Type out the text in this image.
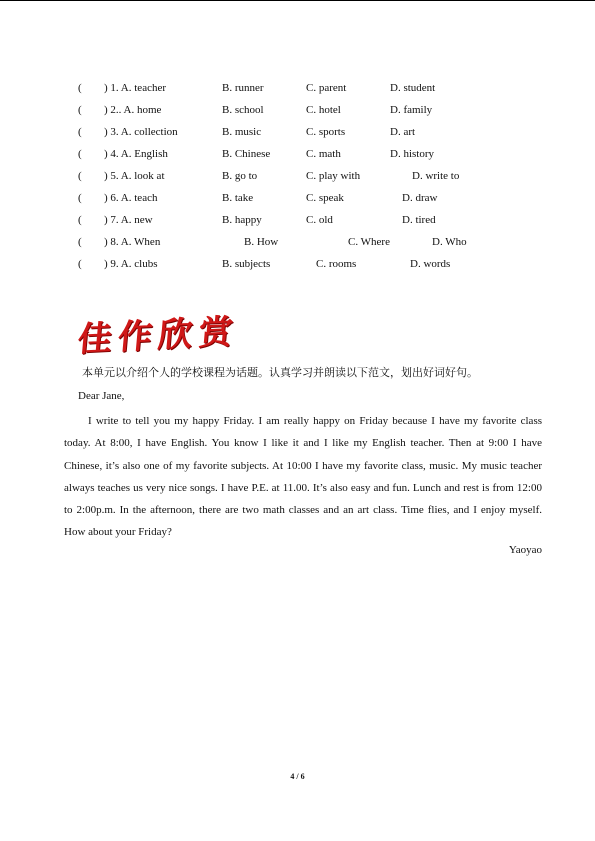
( ) 1. A. teacher	B. runner	C. parent	D. student
( ) 2.. A. home	B. school	C. hotel	D. family
( ) 3. A. collection	B. music	C. sports	D. art
( ) 4. A. English	B. Chinese	C. math	D. history
( ) 5. A. look at	B. go to	C. play with	D. write to
( ) 6. A. teach	B. take	C. speak	D. draw
( ) 7. A. new	B. happy	C. old	D. tired
( ) 8. A. When	B. How	C. Where	D. Who
( ) 9. A. clubs	B. subjects	C. rooms	D. words
佳作欣赏
本单元以介绍个人的学校课程为话题。认真学习并朗读以下范文，划出好词好句。
Dear Jane,

I write to tell you my happy Friday. I am really happy on Friday because I have my favorite class today. At 8:00, I have English. You know I like it and I like my English teacher. Then at 9:00 I have Chinese, it’s also one of my favorite subjects. At 10:00 I have my favorite class, music. My music teacher always teaches us very nice songs. I have P.E. at 11.00. It’s also easy and fun. Lunch and rest is from 12:00 to 2:00p.m. In the afternoon, there are two math classes and an art class. Time flies, and I enjoy myself. How about your Friday?

Yaoyao
4 / 6
